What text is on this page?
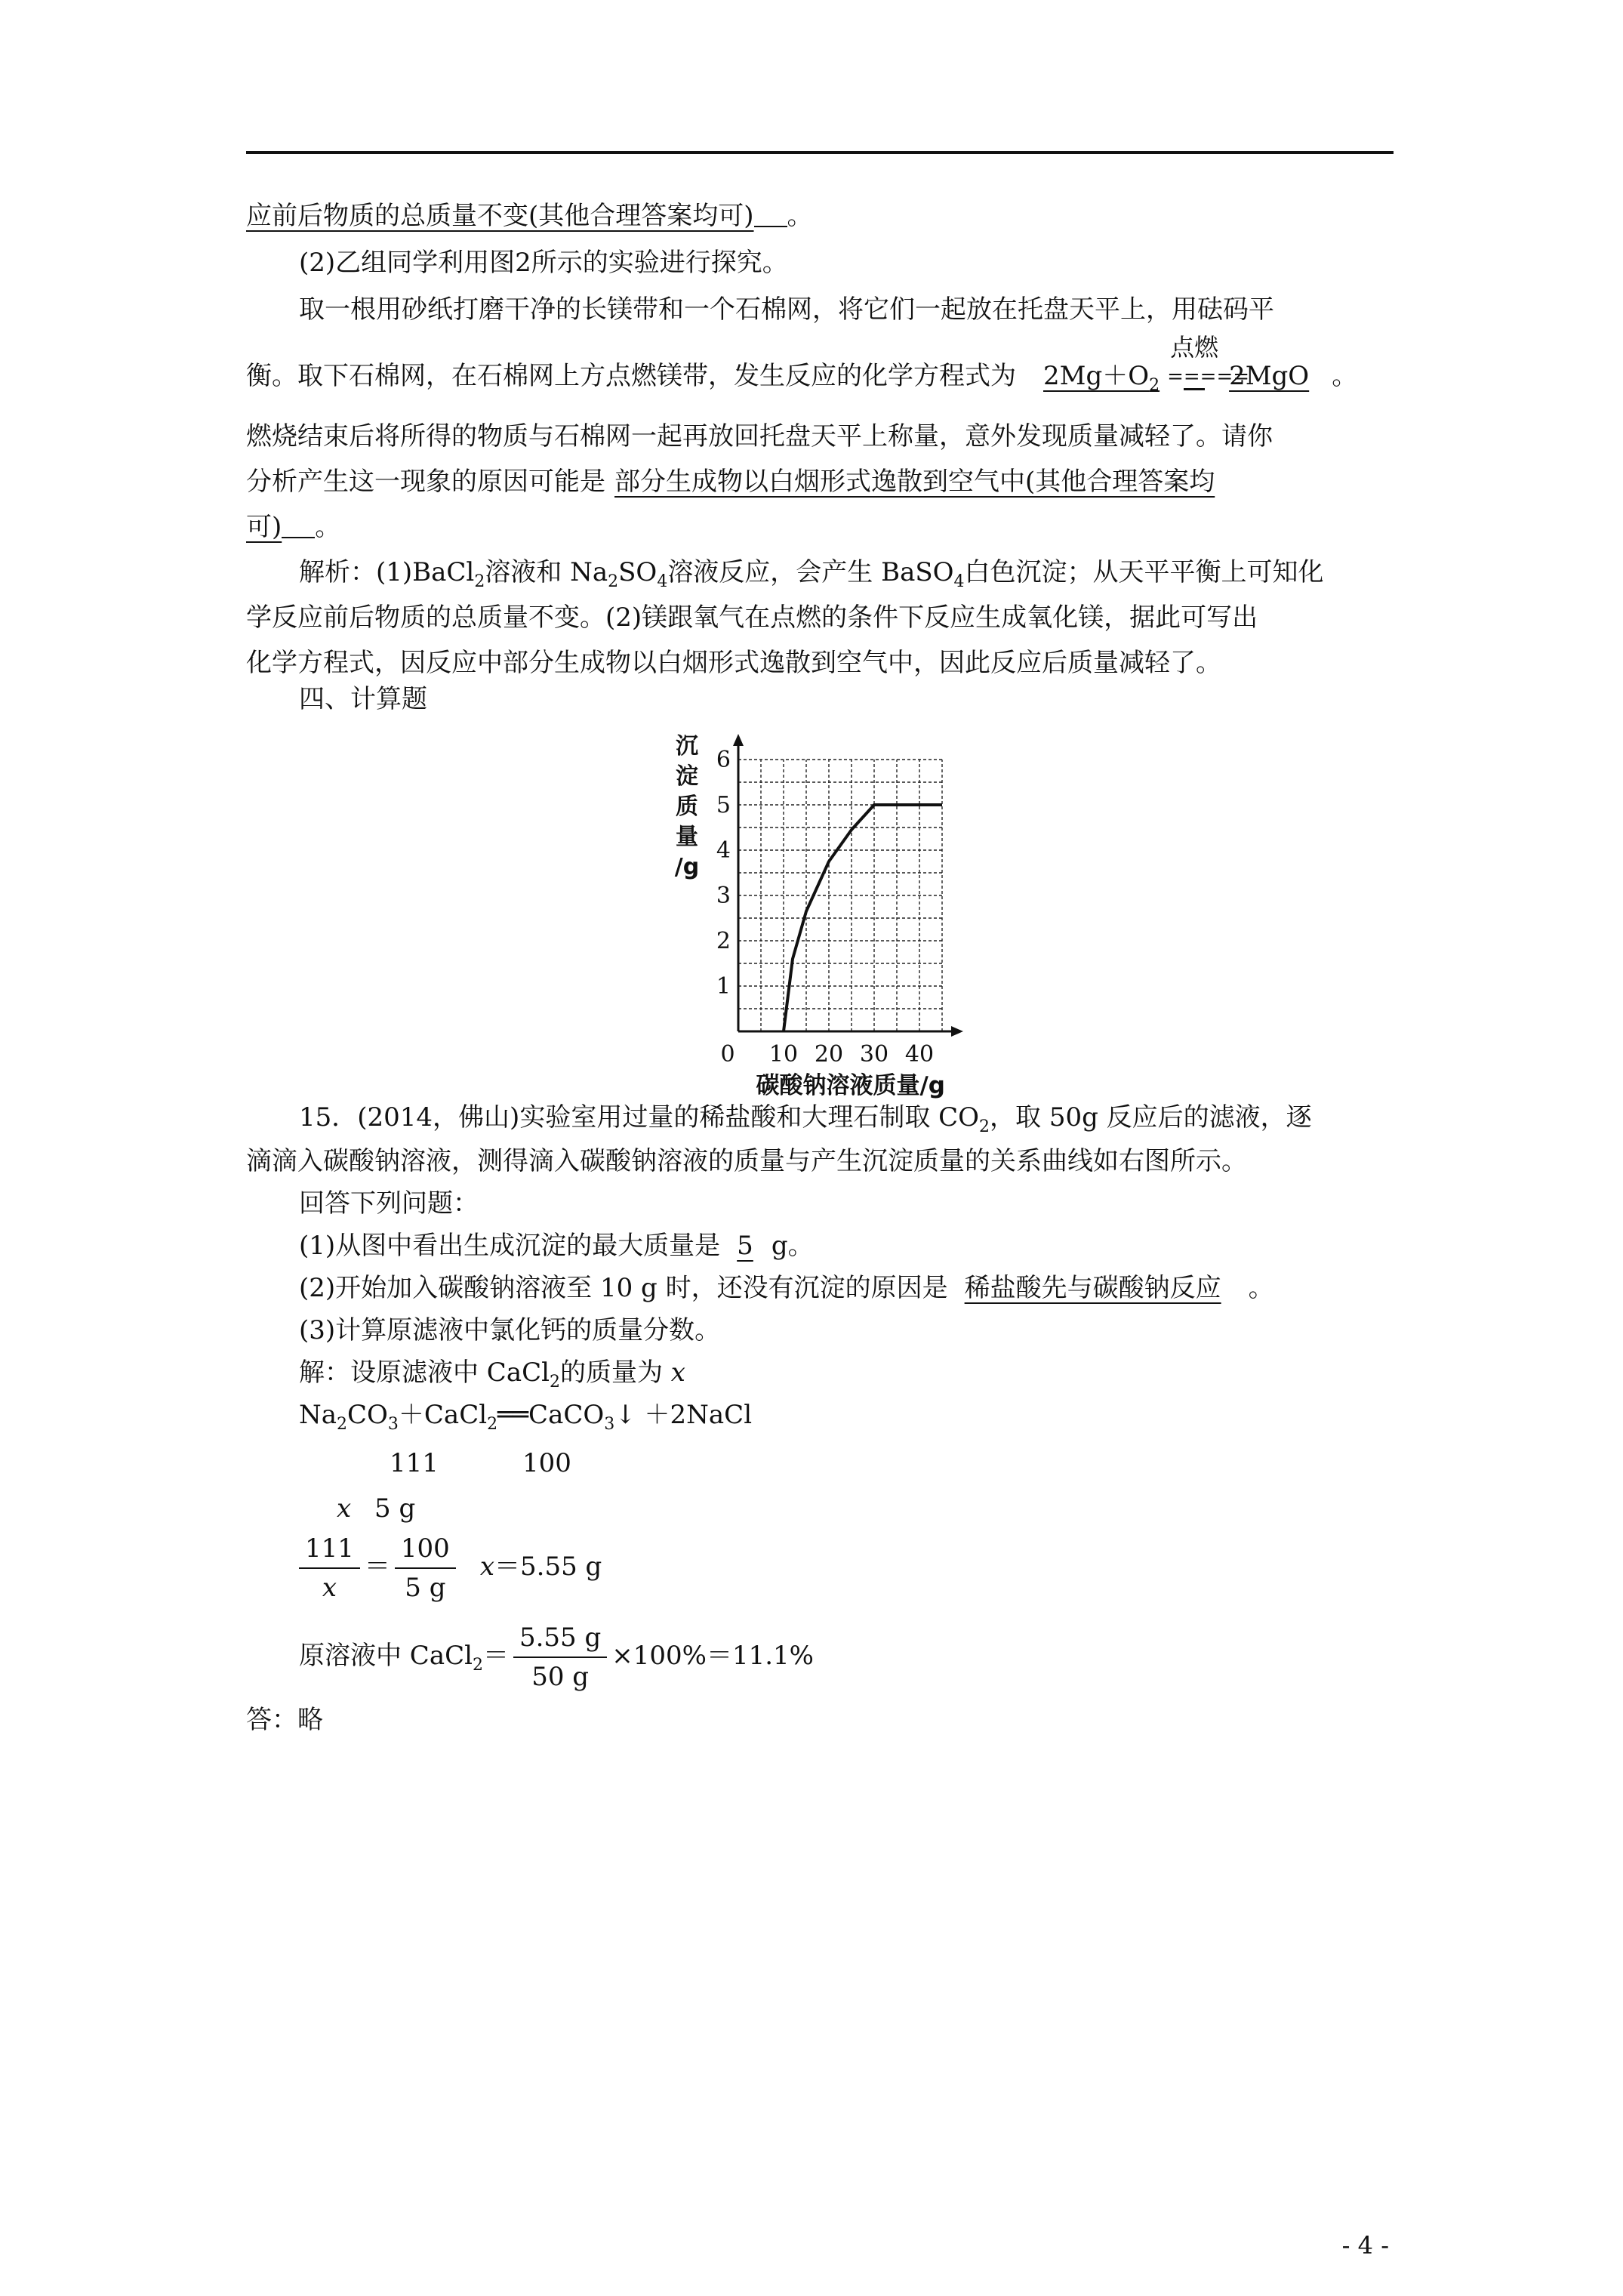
应前后物质的总质量不变(其他合理答案均可) 。
(2)乙组同学利用图2所示的实验进行探究。
取一根用砂纸打磨干净的长镁带和一个石棉网，将它们一起放在托盘天平上，用砝码平
衡。取下石棉网，在石棉网上方点燃镁带，发生反应的化学方程式为 $2Mg+O_2$
点燃
=====
2MgO 。
燃烧结束后将所得的物质与石棉网一起再放回托盘天平上称量，意外发现质量减轻了。请你
分析产生这一现象的原因可能是 部分生成物以白烟形式逸散到空气中(其他合理答案均
可) 。
解析：(1)BaCl$_2$溶液和 $Na_2SO_4$溶液反应，会产生 BaSO$_4$白色沉淀；从天平平衡上可知化
学反应前后物质的总质量不变。(2)镁跟氧气在点燃的条件下反应生成氧化镁，据此可写出
化学方程式，因反应中部分生成物以白烟形式逸散到空气中，因此反应后质量减轻了。
四、计算题
1
2
3
4
5
6
0 10 20 30 40
沉
淀
质
量
/g
碳酸钠溶液质量/g
15．(2014，佛山)实验室用过量的稀盐酸和大理石制取 $CO_2$，取 50g 反应后的滤液，逐
滴滴入碳酸钠溶液，测得滴入碳酸钠溶液的质量与产生沉淀质量的关系曲线如右图所示。
回答下列问题：
(1)从图中看出生成沉淀的最大质量是 5 g。
(2)开始加入碳酸钠溶液至 10 g 时，还没有沉淀的原因是 稀盐酸先与碳酸钠反应 。
(3)计算原滤液中氯化钙的质量分数。
解：设原滤液中 CaCl$_2$的质量为 x
$Na_2CO_3+CaCl_2══CaCO_3↓$ ＋2NaCl
111	100
x 5 g
$\frac{111}{x} = \frac{100}{5 g} x=5.55$ g
原溶液中 CaCl$_2$＝ $\frac{5.55 g}{50 g} \times 100\%=11.1\%$
答：略
- 4 -
